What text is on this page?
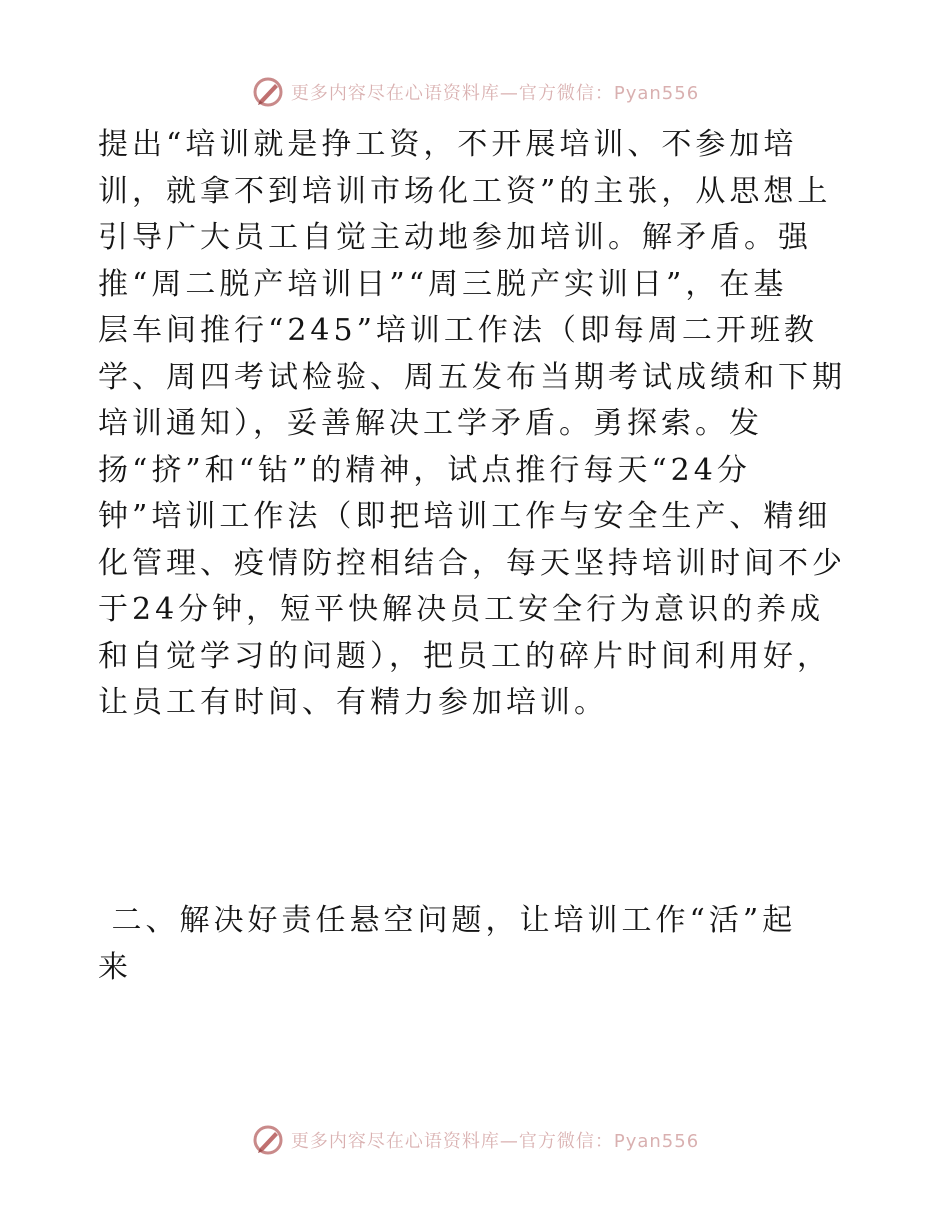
更多内容尽在心语资料库—官方微信：Pyan556
提出“培训就是挣工资，不开展培训、不参加培
训，就拿不到培训市场化工资”的主张，从思想上
引导广大员工自觉主动地参加培训。解矛盾。强
推“周二脱产培训日”“周三脱产实训日”，在基
层车间推行“245”培训工作法（即每周二开班教
学、周四考试检验、周五发布当期考试成绩和下期
培训通知），妥善解决工学矛盾。勇探索。发
扬“挤”和“钻”的精神，试点推行每天“24分
钟”培训工作法（即把培训工作与安全生产、精细
化管理、疫情防控相结合，每天坚持培训时间不少
于24分钟，短平快解决员工安全行为意识的养成
和自觉学习的问题），把员工的碎片时间利用好，
让员工有时间、有精力参加培训。
二、解决好责任悬空问题，让培训工作“活”起
来
更多内容尽在心语资料库—官方微信：Pyan556
